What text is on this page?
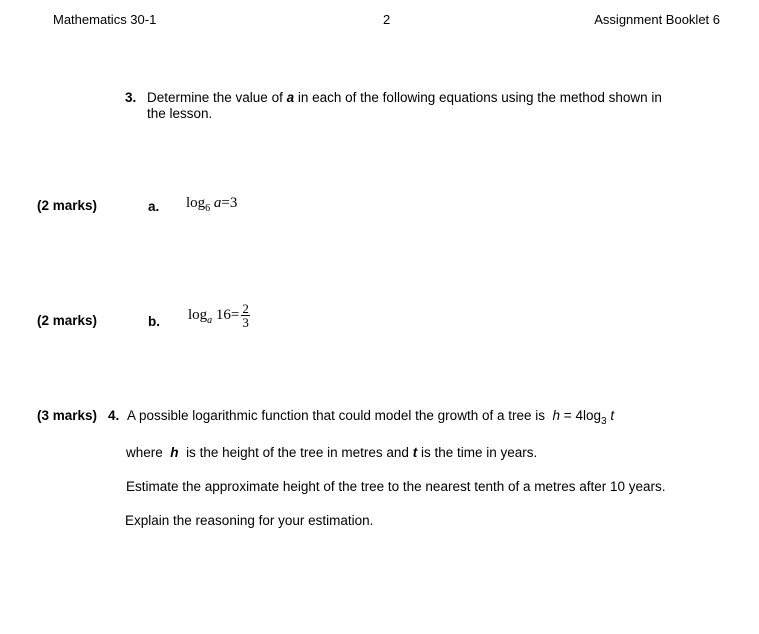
Mathematics 30-1	2	Assignment Booklet 6
3. Determine the value of a in each of the following equations using the method shown in
the lesson.
(2 marks)	a. $\log_6 a=3$
(2 marks)	b. $\log_a 16= \frac{2}{3}$
(3 marks) 4. A possible logarithmic function that could model the growth of a tree is $h = 4\log_3$ t
where h is the height of the tree in metres and t is the time in years.
Estimate the approximate height of the tree to the nearest tenth of a metres after 10 years.
Explain the reasoning for your estimation.
